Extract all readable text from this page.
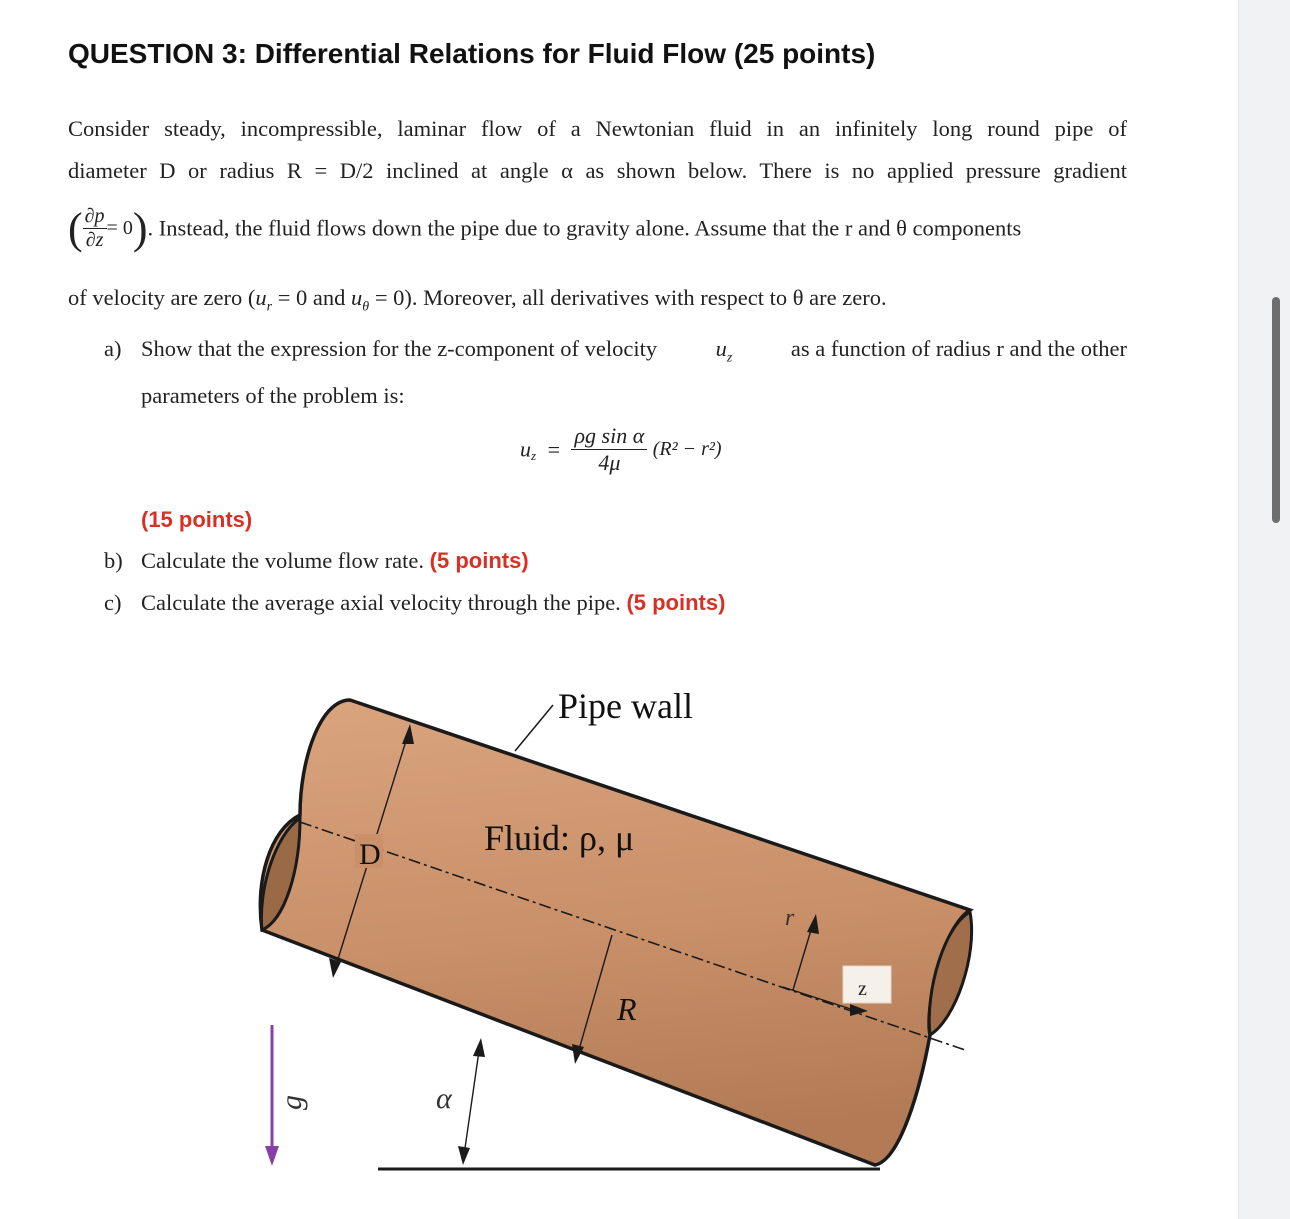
QUESTION 3: Differential Relations for Fluid Flow (25 points)
Consider steady, incompressible, laminar flow of a Newtonian fluid in an infinitely long round pipe of
diameter D or radius R = D/2 inclined at angle α as shown below. There is no applied pressure gradient
( $\frac{\partial p}{\partial z} = 0$). Instead, the fluid flows down the pipe due to gravity alone. Assume that the r and θ components
of velocity are zero ($u_r = 0$ and $u_\theta = 0$). Moreover, all derivatives with respect to θ are zero.
a) Show that the expression for the z-component of velocity	$u_z$	as a function of radius r and the other
parameters of the problem is:
$u_z = \frac{\text{ρg sin α}}{4\mu} (R^2 - r^2)$
(15 points)
b) Calculate the volume flow rate. (5 points)
c) Calculate the average axial velocity through the pipe. (5 points)
D
R
r
z
Pipe wall
Fluid: ρ, μ
g	α
